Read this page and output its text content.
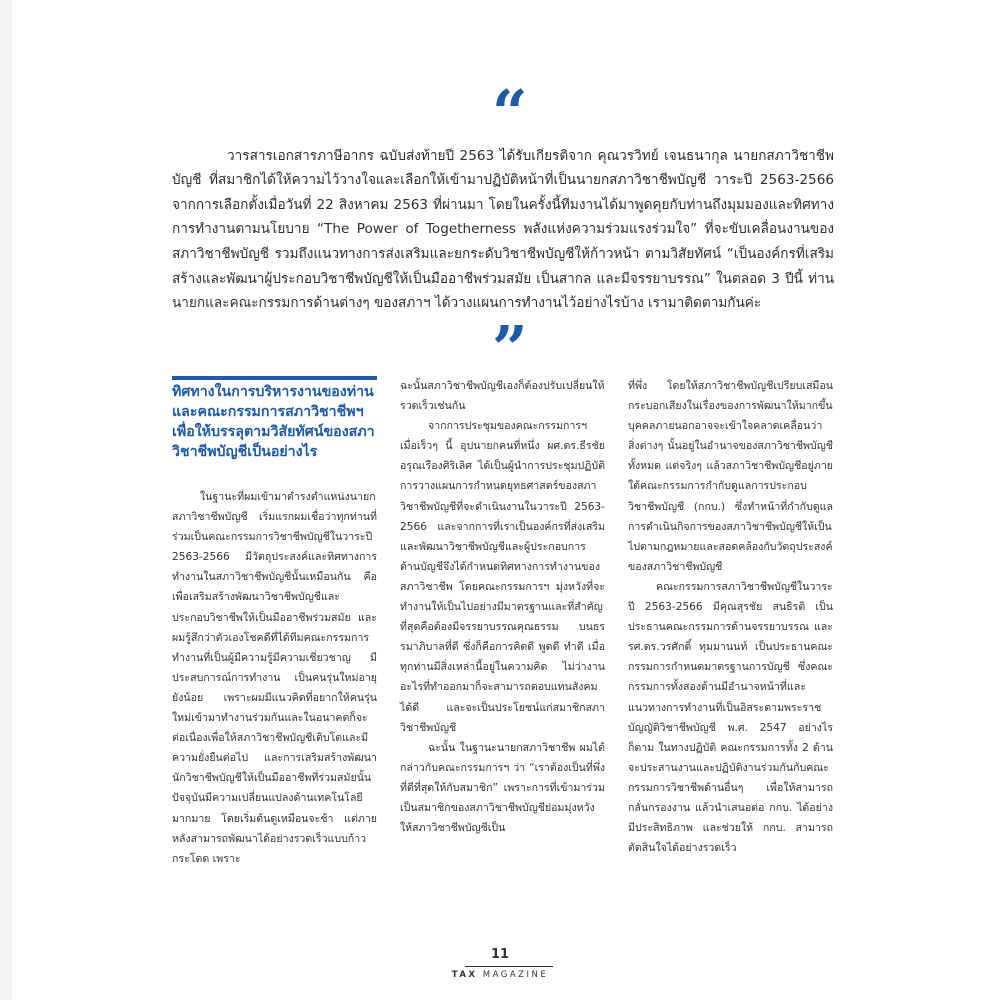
“

วารสารเอกสารภาษีอากร ฉบับส่งท้ายปี 2563 ได้รับเกียรติจาก คุณวรวิทย์ เจนธนากุล นายกสภาวิชาชีพบัญชี ที่สมาชิกได้ให้ความไว้วางใจและเลือกให้เข้ามาปฏิบัติหน้าที่เป็นนายกสภาวิชาชีพบัญชี วาระปี 2563-2566 จากการเลือกตั้งเมื่อวันที่ 22 สิงหาคม 2563 ที่ผ่านมา โดยในครั้งนี้ทีมงานได้มาพูดคุยกับท่านถึงมุมมองและทิศทางการทำงานตามนโยบาย “The Power of Togetherness พลังแห่งความร่วมแรงร่วมใจ” ที่จะขับเคลื่อนงานของสภาวิชาชีพบัญชี รวมถึงแนวทางการส่งเสริมและยกระดับวิชาชีพบัญชีให้ก้าวหน้า ตามวิสัยทัศน์ “เป็นองค์กรที่เสริมสร้างและพัฒนาผู้ประกอบวิชาชีพบัญชีให้เป็นมืออาชีพร่วมสมัย เป็นสากล และมีจรรยาบรรณ” ในตลอด 3 ปีนี้ ท่านนายกและคณะกรรมการด้านต่างๆ ของสภาฯ ได้วางแผนการทำงานไว้อย่างไรบ้าง เรามาติดตามกันค่ะ

”
ทิศทางในการบริหารงานของท่านและคณะกรรมการสภาวิชาชีพฯ เพื่อให้บรรลุตามวิสัยทัศน์ของสภาวิชาชีพบัญชีเป็นอย่างไร

ในฐานะที่ผมเข้ามาดำรงตำแหน่งนายกสภาวิชาชีพบัญชี เริ่มแรกผมเชื่อว่าทุกท่านที่ร่วมเป็นคณะกรรมการวิชาชีพบัญชีในวาระปี 2563-2566 มีวัตถุประสงค์และทิศทางการทำงานในสภาวิชาชีพบัญชีนั้นเหมือนกัน คือเพื่อเสริมสร้างพัฒนาวิชาชีพบัญชีและประกอบวิชาชีพให้เป็นมืออาชีพร่วมสมัย และผมรู้สึกว่าตัวเองโชคดีที่ได้ทีมคณะกรรมการทำงานที่เป็นผู้มีความรู้มีความเชี่ยวชาญ มีประสบการณ์การทำงาน เป็นคนรุ่นใหม่อายุยังน้อย เพราะผมมีแนวคิดที่อยากให้คนรุ่นใหม่เข้ามาทำงานร่วมกันและในอนาคตก็จะต่อเนื่องเพื่อให้สภาวิชาชีพบัญชีเติบโตและมีความยั่งยืนต่อไป และการเสริมสร้างพัฒนานักวิชาชีพบัญชีให้เป็นมืออาชีพที่ร่วมสมัยนั้น ปัจจุบันมีความเปลี่ยนแปลงด้านเทคโนโลยีมากมาย โดยเริ่มต้นดูเหมือนจะช้า แต่ภายหลังสามารถพัฒนาได้อย่างรวดเร็วแบบก้าวกระโดด เพราะ

ฉะนั้นสภาวิชาชีพบัญชีเองก็ต้องปรับเปลี่ยนให้รวดเร็วเช่นกัน

จากการประชุมของคณะกรรมการฯ เมื่อเร็วๆ นี้ อุปนายกคนที่หนึ่ง ผศ.ดร.ธีรชัย อรุณเรืองศิริเลิศ ได้เป็นผู้นำการประชุมปฏิบัติการวางแผนการกำหนดยุทธศาสตร์ของสภาวิชาชีพบัญชีที่จะดำเนินงานในวาระปี 2563-2566 และจากการที่เราเป็นองค์กรที่ส่งเสริมและพัฒนาวิชาชีพบัญชีและผู้ประกอบการด้านบัญชีจึงได้กำหนดทิศทางการทำงานของสภาวิชาชีพ โดยคณะกรรมการฯ มุ่งหวังที่จะทำงานให้เป็นไปอย่างมีมาตรฐานและที่สำคัญที่สุดคือต้องมีจรรยาบรรณคุณธรรม บนธรรมาภิบาลที่ดี ซึ่งก็คือการคิดดี พูดดี ทำดี เมื่อทุกท่านมีสิ่งเหล่านี้อยู่ในความคิด ไม่ว่างานอะไรที่ทำออกมาก็จะสามารถตอบแทนสังคมได้ดี และจะเป็นประโยชน์แก่สมาชิกสภาวิชาชีพบัญชี

ฉะนั้น ในฐานะนายกสภาวิชาชีพ ผมได้กล่าวกับคณะกรรมการฯ ว่า “เราต้องเป็นที่พึ่งที่ดีที่สุดให้กับสมาชิก” เพราะการที่เข้ามาร่วมเป็นสมาชิกของสภาวิชาชีพบัญชีย่อมมุ่งหวังให้สภาวิชาชีพบัญชีเป็น

ที่พึ่ง โดยให้สภาวิชาชีพบัญชีเปรียบเสมือนกระบอกเสียงในเรื่องของการพัฒนาให้มากขึ้น บุคคลภายนอกอาจจะเข้าใจคลาดเคลื่อนว่าสิ่งต่างๆ นั้นอยู่ในอำนาจของสภาวิชาชีพบัญชีทั้งหมด แต่จริงๆ แล้วสภาวิชาชีพบัญชีอยู่ภายใต้คณะกรรมการกำกับดูแลการประกอบวิชาชีพบัญชี (กกบ.) ซึ่งทำหน้าที่กำกับดูแลการดำเนินกิจการของสภาวิชาชีพบัญชีให้เป็นไปตามกฎหมายและสอดคล้องกับวัตถุประสงค์ของสภาวิชาชีพบัญชี

คณะกรรมการสภาวิชาชีพบัญชีในวาระปี 2563-2566 มีคุณสุรชัย สนธิรติ เป็นประธานคณะกรรมการด้านจรรยาบรรณ และ รศ.ดร.วรศักดิ์ ทุมมานนท์ เป็นประธานคณะกรรมการกำหนดมาตรฐานการบัญชี ซึ่งคณะกรรมการทั้งสองด้านมีอำนาจหน้าที่และแนวทางการทำงานที่เป็นอิสระตามพระราชบัญญัติวิชาชีพบัญชี พ.ศ. 2547 อย่างไรก็ตาม ในทางปฏิบัติ คณะกรรมการทั้ง 2 ด้านจะประสานงานและปฏิบัติงานร่วมกันกับคณะกรรมการวิชาชีพด้านอื่นๆ เพื่อให้สามารถกลั่นกรองงาน แล้วนำเสนอต่อ กกบ. ได้อย่างมีประสิทธิภาพ และช่วยให้ กกบ. สามารถตัดสินใจได้อย่างรวดเร็ว

11
TAX MAGAZINE
